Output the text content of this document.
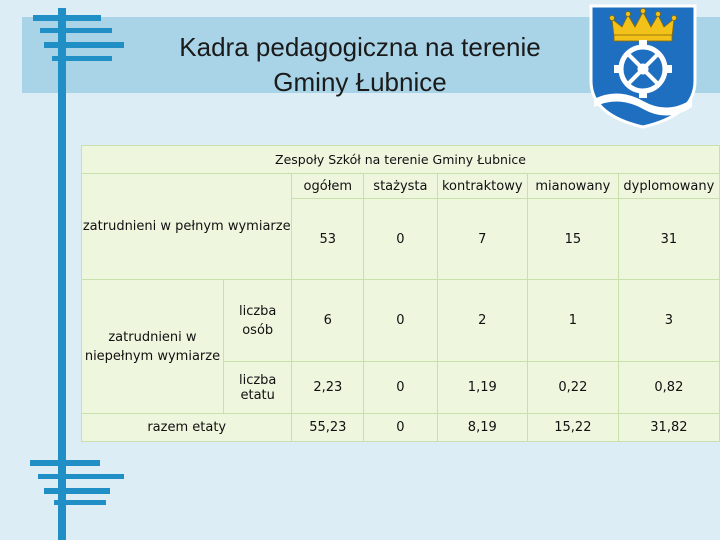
Kadra pedagogiczna na terenie
Gminy Łubnice
Zespoły Szkół na terenie Gminy Łubnice						
zatrudnieni w pełnym wymiarze		ogółem	stażysta	kontraktowy	mianowany	dyplomowany
		53	0	7	15	31
zatrudnieni w niepełnym wymiarze	liczba osób	6	0	2	1	3
	liczba etatu	2,23	0	1,19	0,22	0,82
razem etaty		55,23	0	8,19	15,22	31,82
